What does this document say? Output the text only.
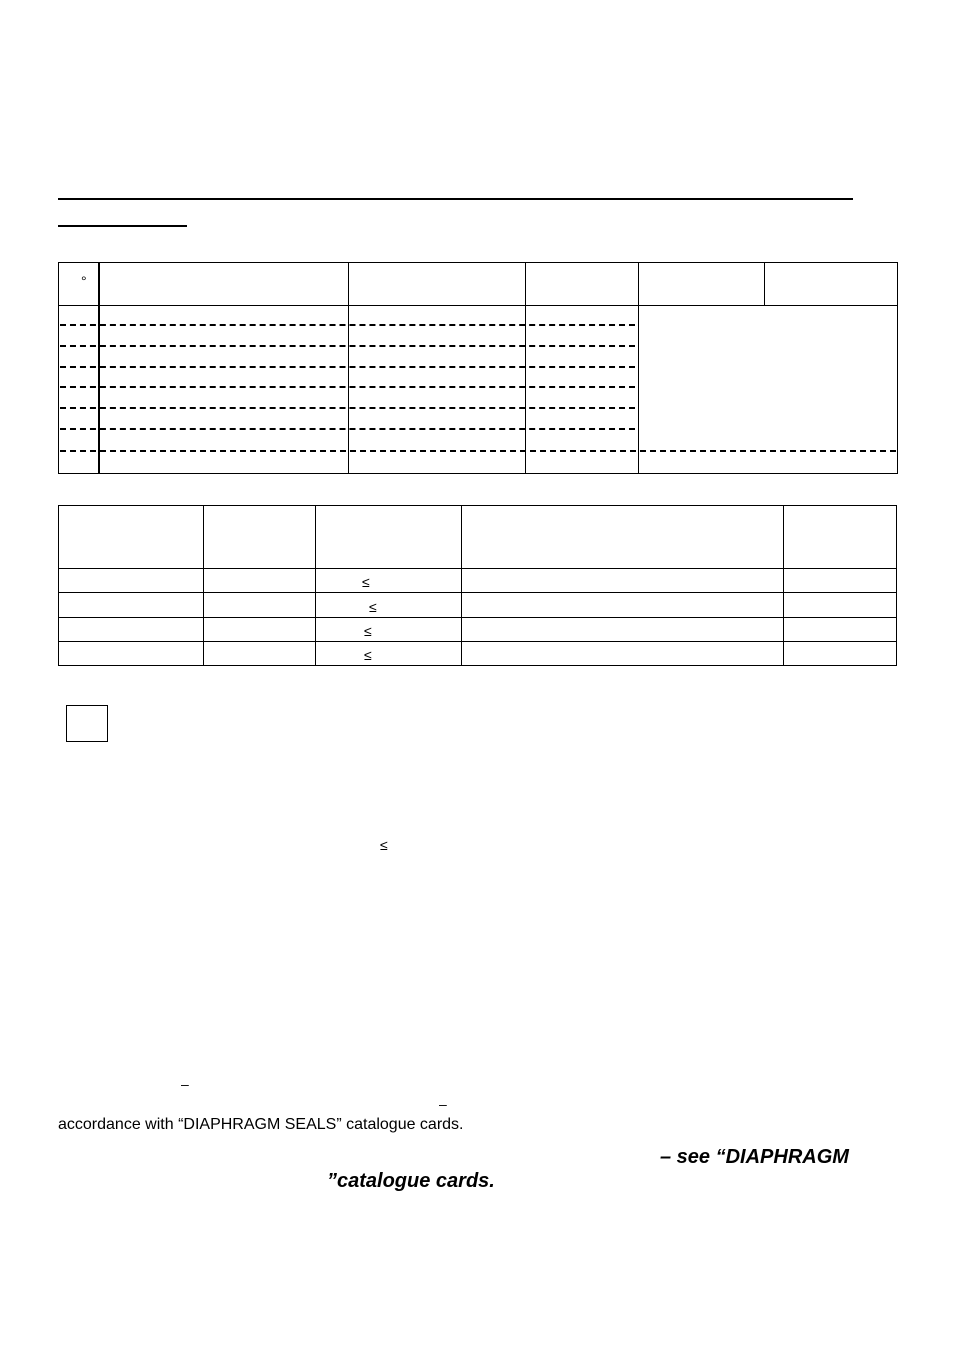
°
≤
≤
≤
≤
≤
–
–
accordance with “DIAPHRAGM SEALS” catalogue cards.
– see “DIAPHRAGM
”catalogue cards.
